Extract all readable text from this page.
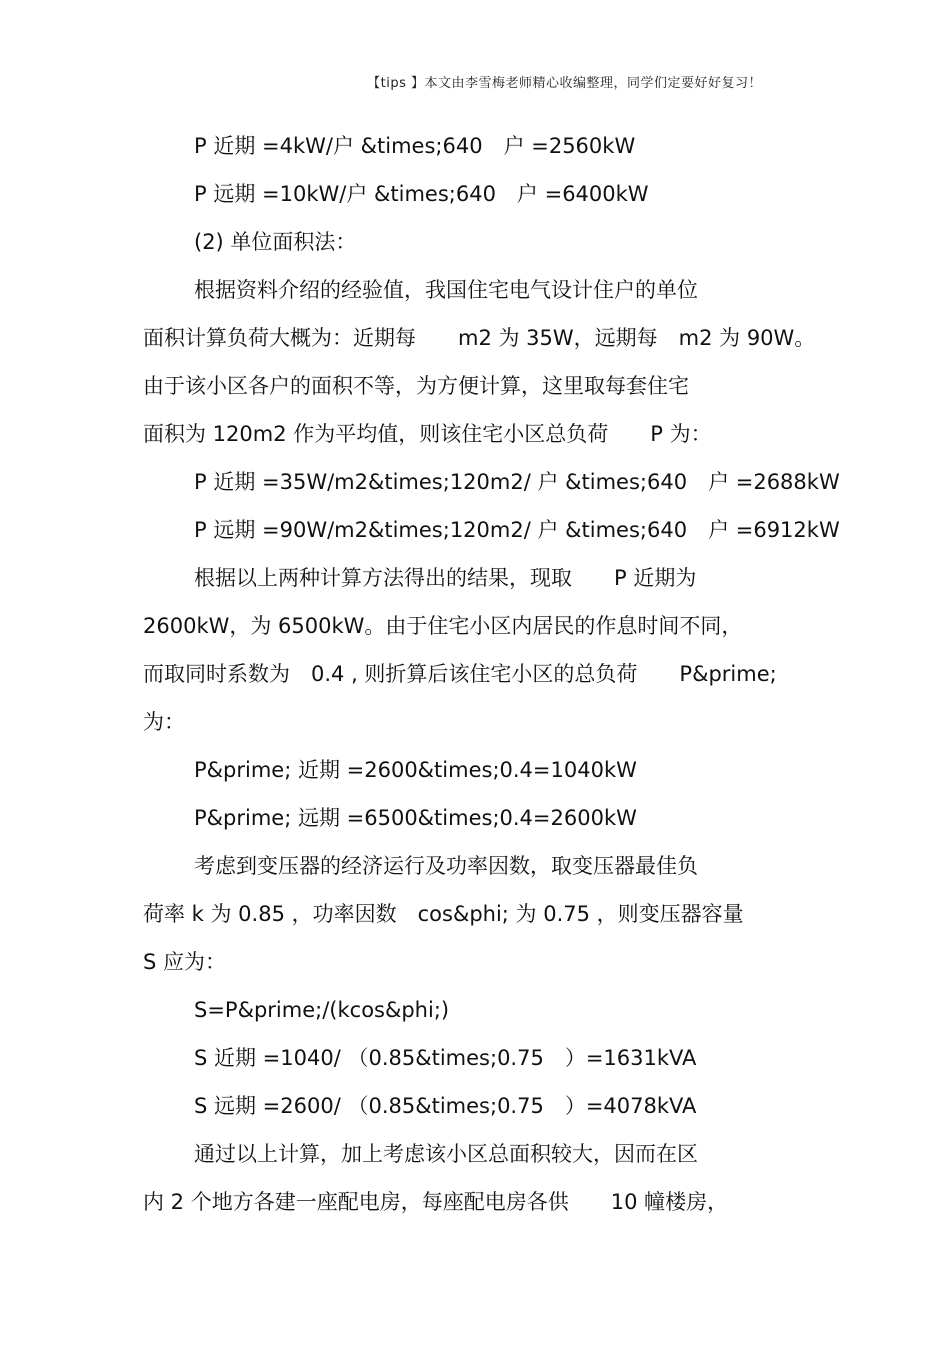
【tips 】本文由李雪梅老师精心收编整理，同学们定要好好复习！
P 近期 =4kW/户 &times;640　户 =2560kW
P 远期 =10kW/户 &times;640　户 =6400kW
(2) 单位面积法：
根据资料介绍的经验值，我国住宅电气设计住户的单位
面积计算负荷大概为：近期每　　m2 为 35W，远期每　m2 为 90W。
由于该小区各户的面积不等，为方便计算，这里取每套住宅
面积为 120m2 作为平均值，则该住宅小区总负荷　　P 为：
P 近期 =35W/m2&times;120m2/ 户 &times;640　户 =2688kW
P 远期 =90W/m2&times;120m2/ 户 &times;640　户 =6912kW
根据以上两种计算方法得出的结果，现取　　P 近期为
2600kW，为 6500kW。由于住宅小区内居民的作息时间不同，
而取同时系数为　0.4 , 则折算后该住宅小区的总负荷　　P&prime;
为：
P&prime; 近期 =2600&times;0.4=1040kW
P&prime; 远期 =6500&times;0.4=2600kW
考虑到变压器的经济运行及功率因数，取变压器最佳负
荷率 k 为 0.85 ，功率因数　cos&phi; 为 0.75 ，则变压器容量
S 应为：
S=P&prime;/(kcos&phi;)
S 近期 =1040/ （0.85&times;0.75　）=1631kVA
S 远期 =2600/ （0.85&times;0.75　）=4078kVA
通过以上计算，加上考虑该小区总面积较大，因而在区
内 2 个地方各建一座配电房，每座配电房各供　　10 幢楼房，
